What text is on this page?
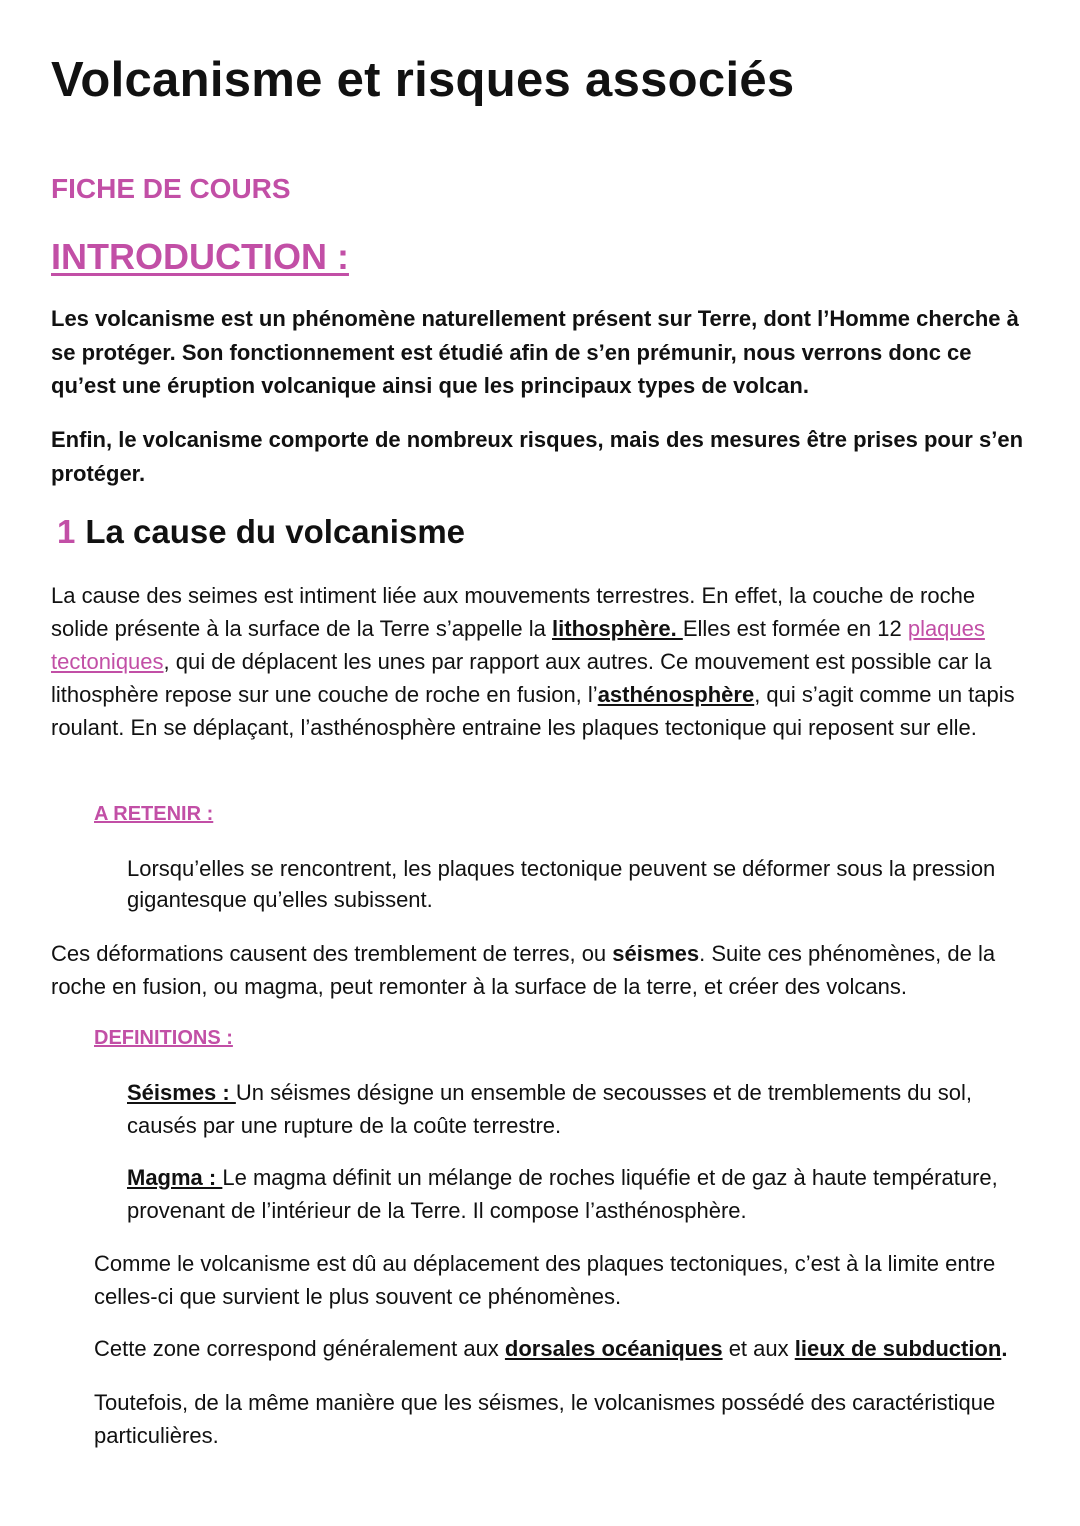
Volcanisme et risques associés
FICHE DE COURS
INTRODUCTION :

Les volcanisme est un phénomène naturellement présent sur Terre, dont l’Homme cherche à se protéger. Son fonctionnement est étudié afin de s’en prémunir, nous verrons donc ce qu’est une éruption volcanique ainsi que les principaux types de volcan.

Enfin, le volcanisme comporte de nombreux risques, mais des mesures être prises pour s’en protéger.

1 La cause du volcanisme

La cause des seimes est intiment liée aux mouvements terrestres. En effet, la couche de roche solide présente à la surface de la Terre s’appelle la lithosphère. Elles est formée en 12 plaques tectoniques, qui de déplacent les unes par rapport aux autres. Ce mouvement est possible car la lithosphère repose sur une couche de roche en fusion, l’asthénosphère, qui s’agit comme un tapis roulant. En se déplaçant, l’asthénosphère entraine les plaques tectonique qui reposent sur elle.

A RETENIR :

Lorsqu’elles se rencontrent, les plaques tectonique peuvent se déformer sous la pression gigantesque qu’elles subissent.

Ces déformations causent des tremblement de terres, ou séismes. Suite ces phénomènes, de la roche en fusion, ou magma, peut remonter à la surface de la terre, et créer des volcans.

DEFINITIONS :

Séismes : Un séismes désigne un ensemble de secousses et de tremblements du sol, causés par une rupture de la coûte terrestre.

Magma : Le magma définit un mélange de roches liquéfie et de gaz à haute température, provenant de l’intérieur de la Terre. Il compose l’asthénosphère.

Comme le volcanisme est dû au déplacement des plaques tectoniques, c’est à la limite entre celles-ci que survient le plus souvent ce phénomènes.

Cette zone correspond généralement aux dorsales océaniques et aux lieux de subduction.

Toutefois, de la même manière que les séismes, le volcanismes possédé des caractéristique particulières.
